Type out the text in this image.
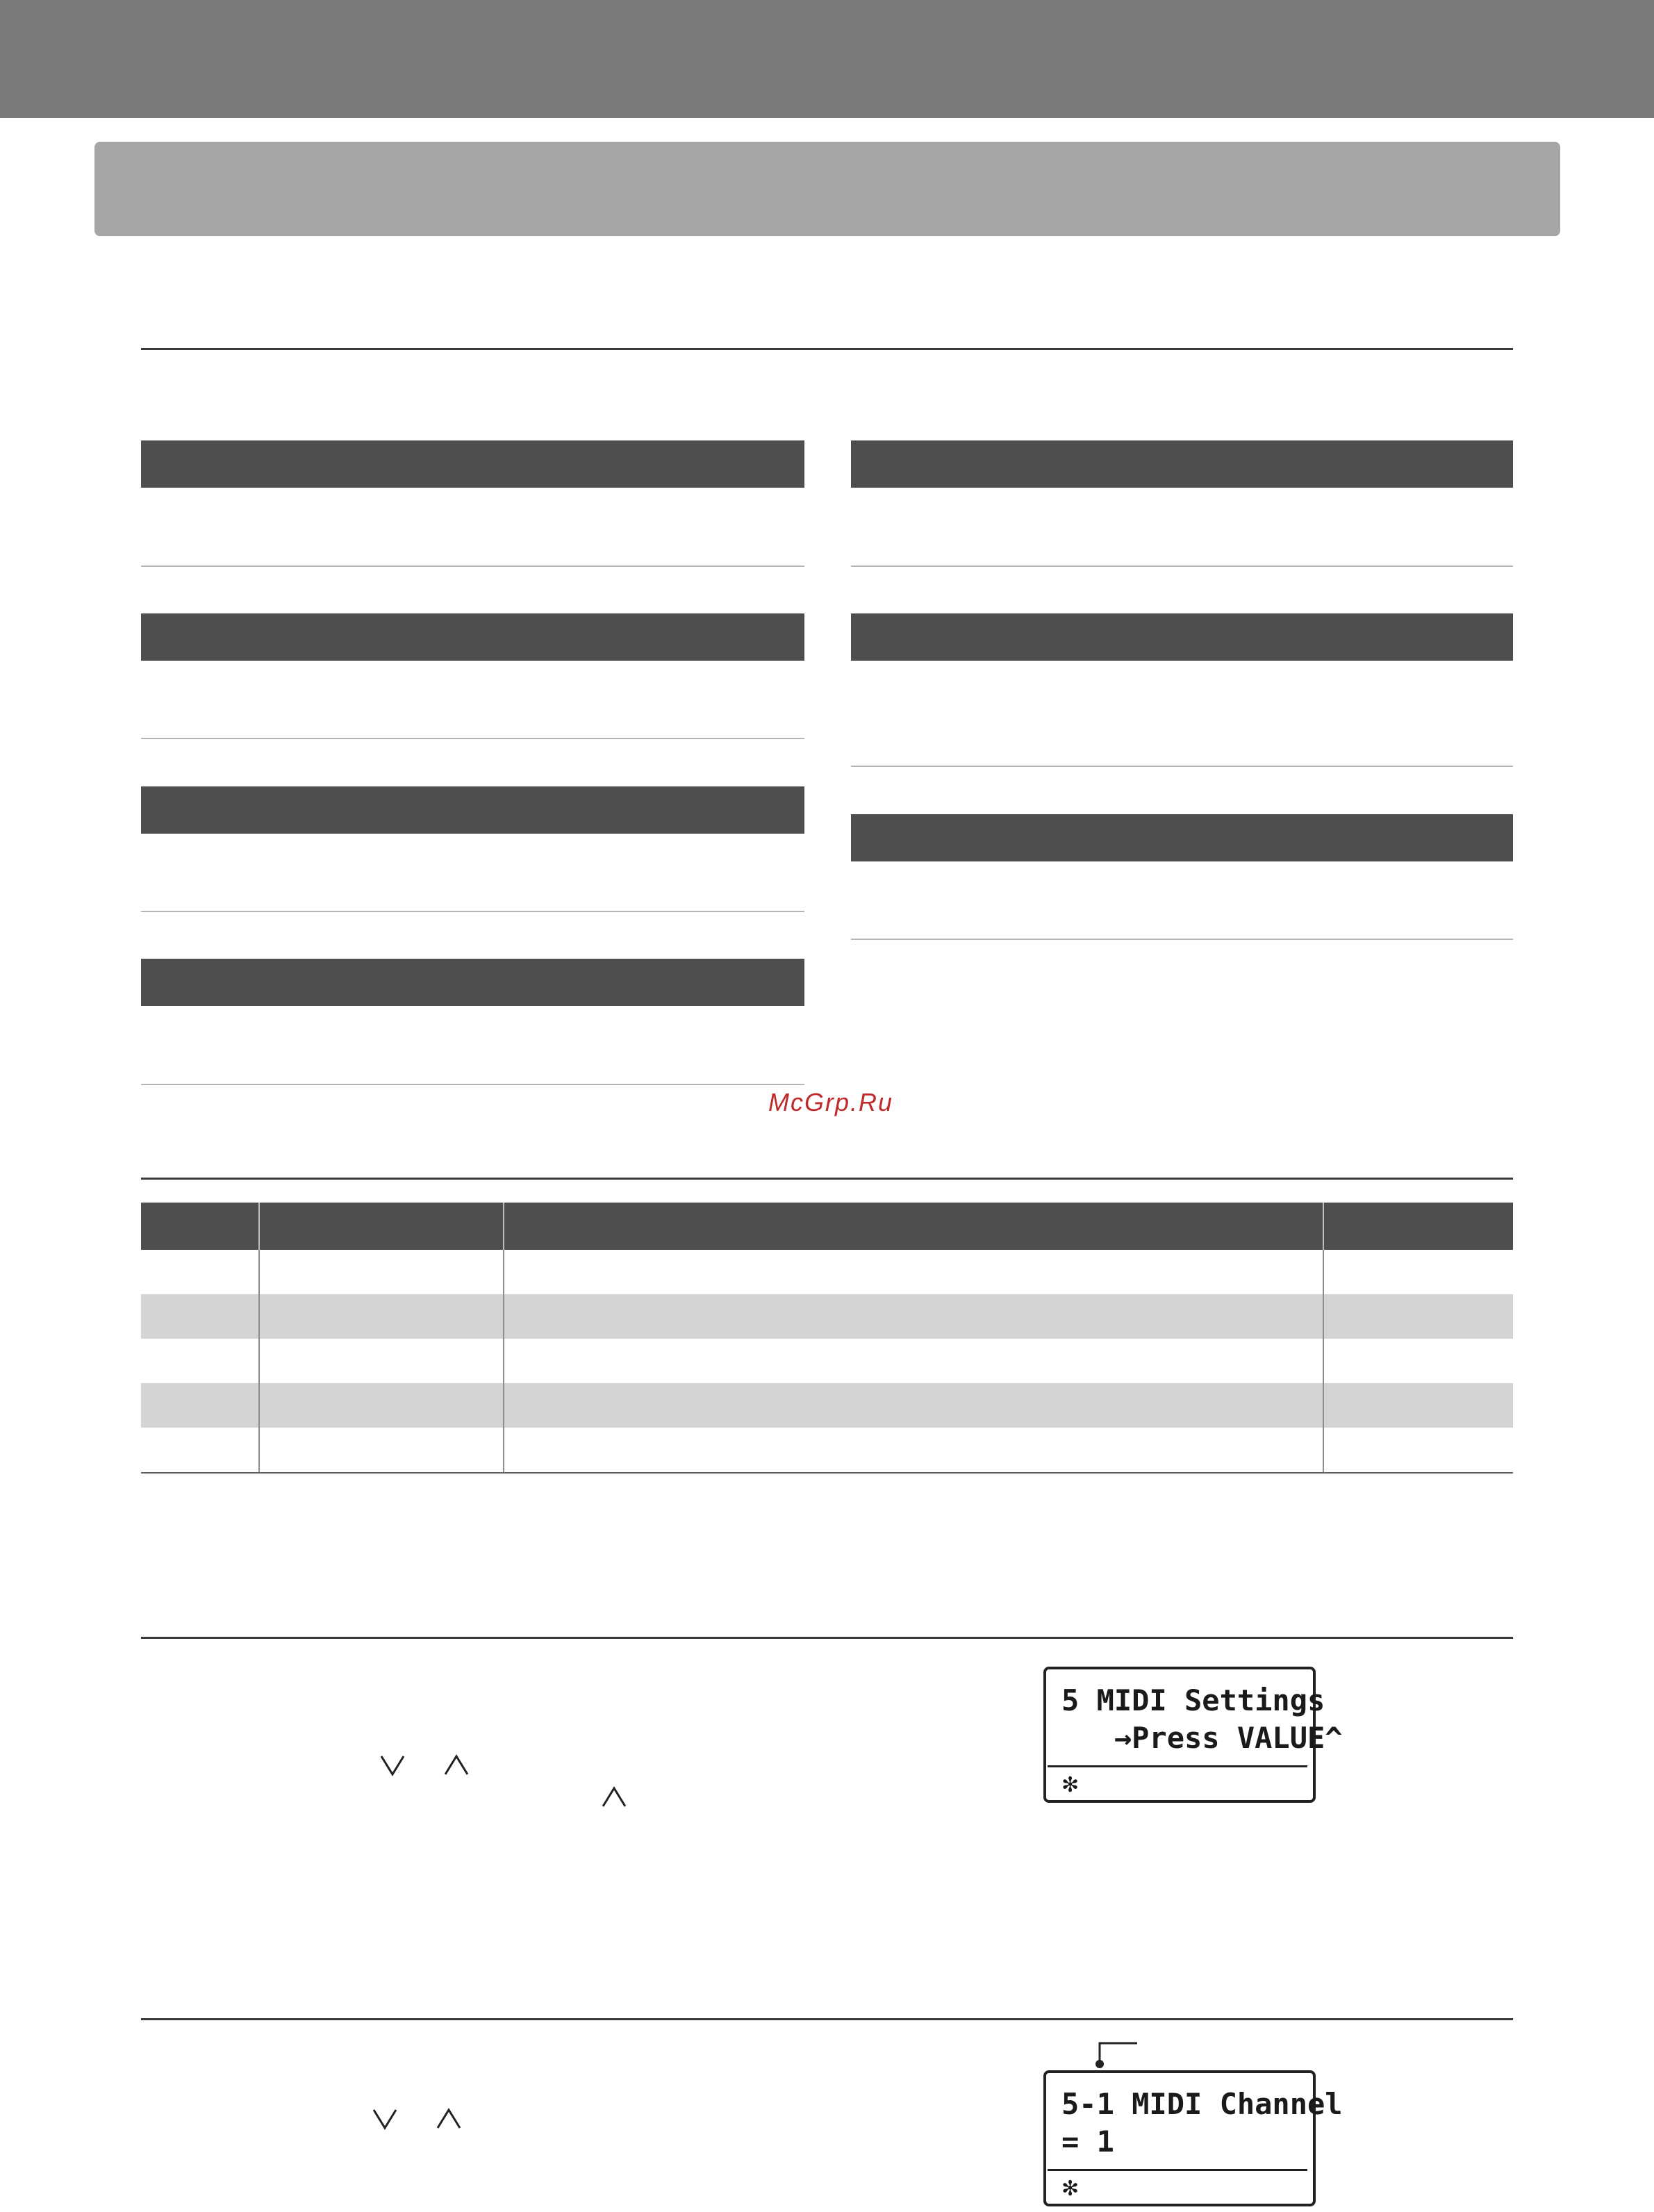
McGrp.Ru

5 MIDI Settings
→Press VALUE^
✻
5-1 MIDI Channel
= 1
✻
